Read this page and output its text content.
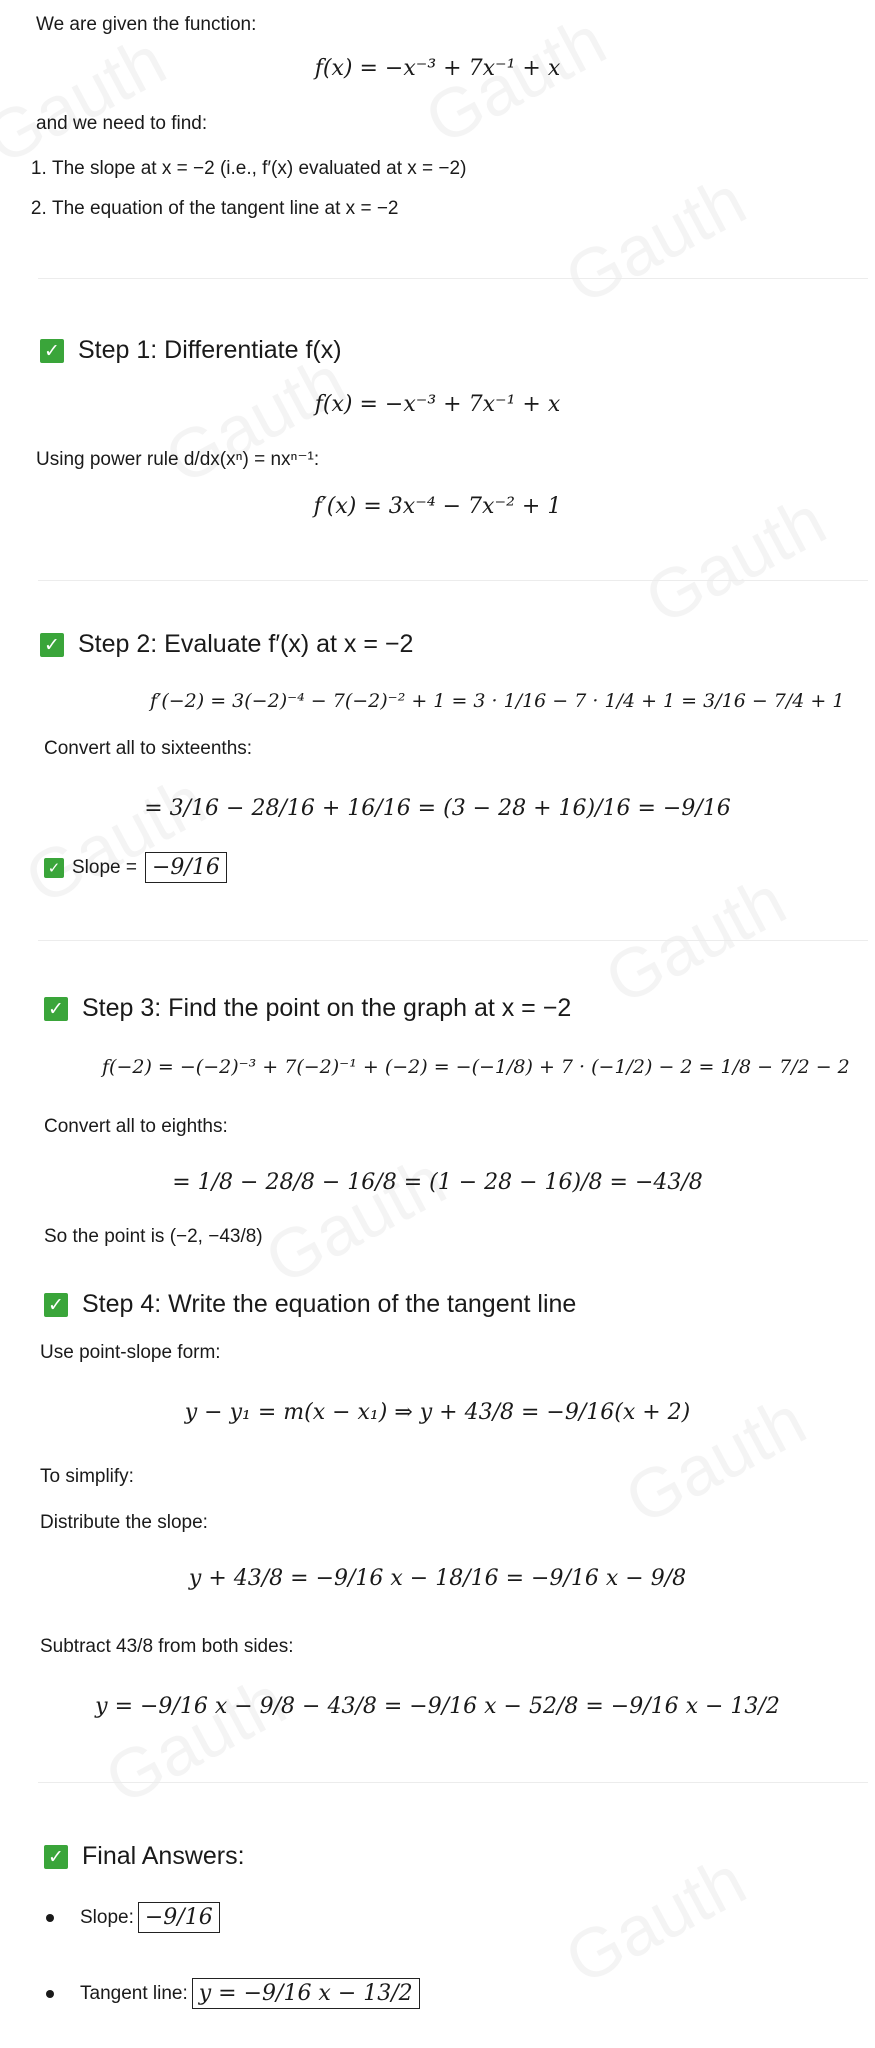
We are given the function:
f(x) = −x⁻³ + 7x⁻¹ + x
and we need to find:
1. The slope at x = −2 (i.e., f′(x) evaluated at x = −2)
2. The equation of the tangent line at x = −2
✓ Step 1: Differentiate f(x)
f(x) = −x⁻³ + 7x⁻¹ + x
Using power rule d/dx(xⁿ) = nxⁿ⁻¹:
f′(x) = 3x⁻⁴ − 7x⁻² + 1
✓ Step 2: Evaluate f′(x) at x = −2
f′(−2) = 3(−2)⁻⁴ − 7(−2)⁻² + 1 = 3 · 1/16 − 7 · 1/4 + 1 = 3/16 − 7/4 + 1
Convert all to sixteenths:
= 3/16 − 28/16 + 16/16 = (3 − 28 + 16)/16 = −9/16
✓ Slope = −9/16
✓ Step 3: Find the point on the graph at x = −2
f(−2) = −(−2)⁻³ + 7(−2)⁻¹ + (−2) = −(−1/8) + 7 · (−1/2) − 2 = 1/8 − 7/2 − 2
Convert all to eighths:
= 1/8 − 28/8 − 16/8 = (1 − 28 − 16)/8 = −43/8
So the point is (−2, −43/8)
✓ Step 4: Write the equation of the tangent line
Use point-slope form:
y − y₁ = m(x − x₁) ⇒ y + 43/8 = −9/16(x + 2)
To simplify:
Distribute the slope:
y + 43/8 = −9/16 x − 18/16 = −9/16 x − 9/8
Subtract 43/8 from both sides:
y = −9/16 x − 9/8 − 43/8 = −9/16 x − 52/8 = −9/16 x − 13/2
✓ Final Answers:
Slope: −9/16
Tangent line: y = −9/16 x − 13/2
